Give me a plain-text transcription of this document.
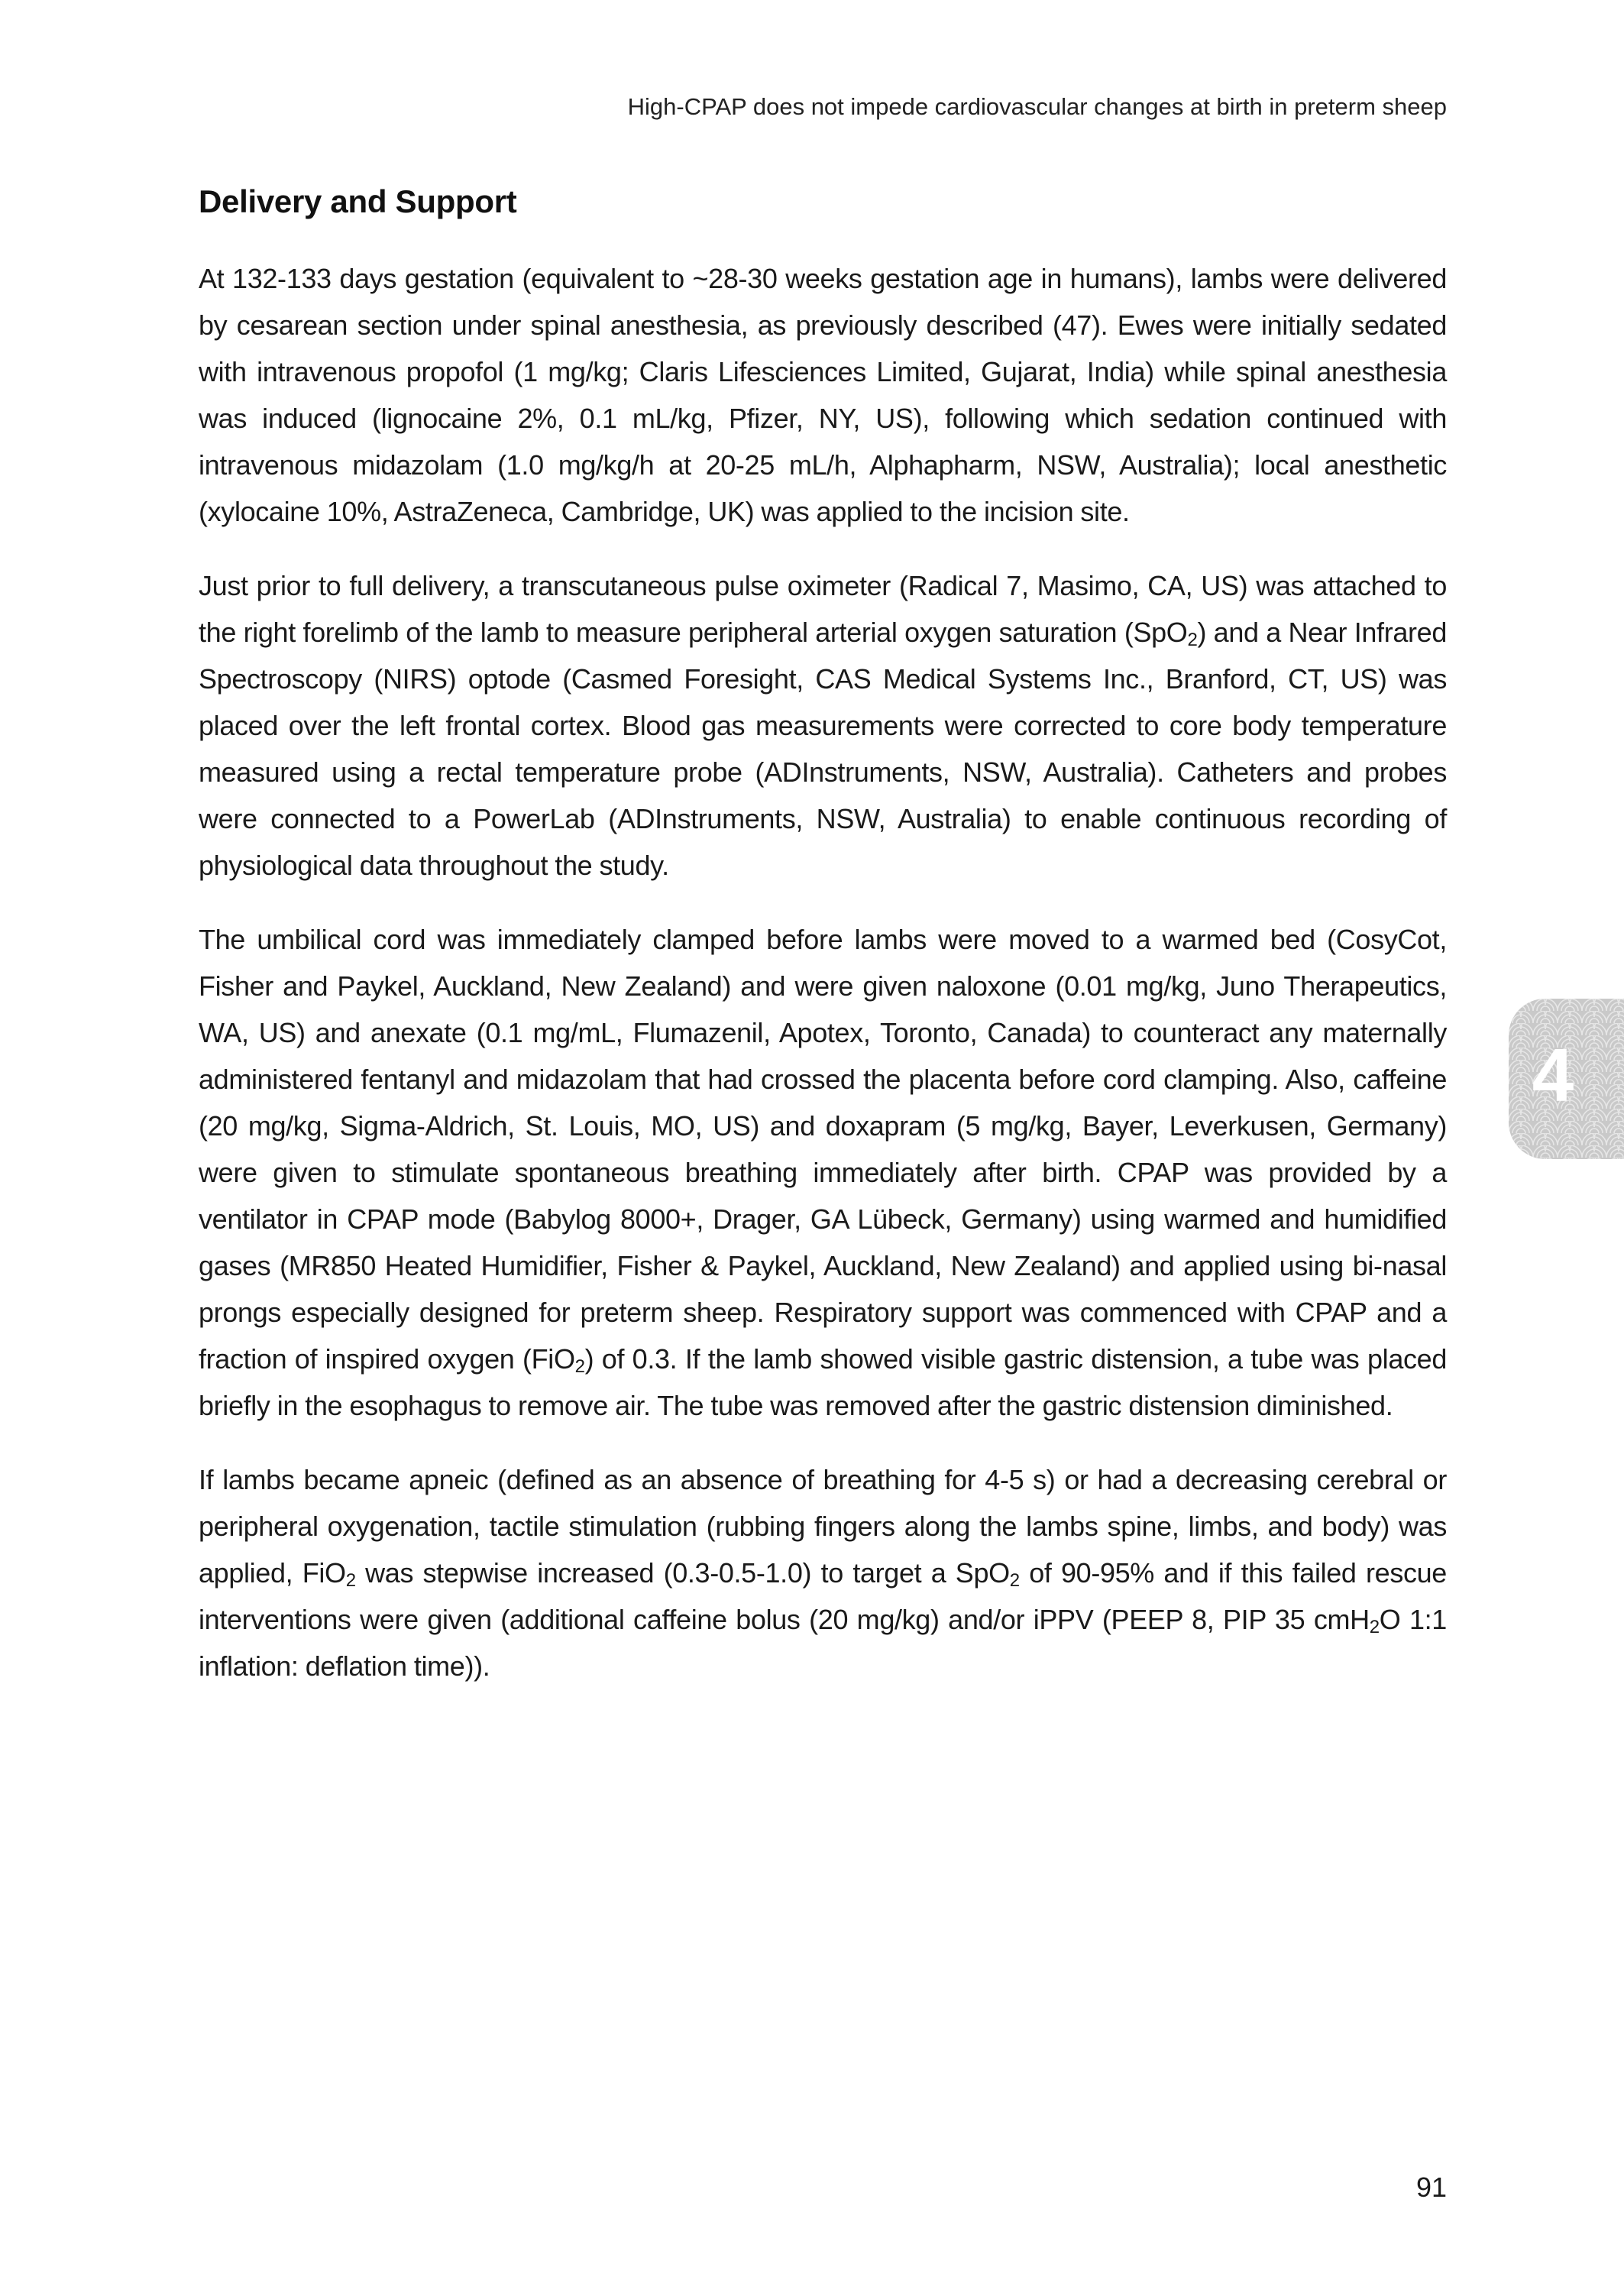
High-CPAP does not impede cardiovascular changes at birth in preterm sheep
Delivery and Support

At 132-133 days gestation (equivalent to ~28-30 weeks gestation age in humans), lambs were delivered by cesarean section under spinal anesthesia, as previously described (47). Ewes were initially sedated with intravenous propofol (1 mg/kg; Claris Lifesciences Limited, Gujarat, India) while spinal anesthesia was induced (lignocaine 2%, 0.1 mL/kg, Pfizer, NY, US), following which sedation continued with intravenous midazolam (1.0 mg/kg/h at 20-25 mL/h, Alphapharm, NSW, Australia); local anesthetic (xylocaine 10%, AstraZeneca, Cambridge, UK) was applied to the incision site.

Just prior to full delivery, a transcutaneous pulse oximeter (Radical 7, Masimo, CA, US) was attached to the right forelimb of the lamb to measure peripheral arterial oxygen saturation (SpO$_2$) and a Near Infrared Spectroscopy (NIRS) optode (Casmed Foresight, CAS Medical Systems Inc., Branford, CT, US) was placed over the left frontal cortex. Blood gas measurements were corrected to core body temperature measured using a rectal temperature probe (ADInstruments, NSW, Australia). Catheters and probes were connected to a PowerLab (ADInstruments, NSW, Australia) to enable continuous recording of physiological data throughout the study.

The umbilical cord was immediately clamped before lambs were moved to a warmed bed (CosyCot, Fisher and Paykel, Auckland, New Zealand) and were given naloxone (0.01 mg/kg, Juno Therapeutics, WA, US) and anexate (0.1 mg/mL, Flumazenil, Apotex, Toronto, Canada) to counteract any maternally administered fentanyl and midazolam that had crossed the placenta before cord clamping. Also, caffeine (20 mg/kg, Sigma-Aldrich, St. Louis, MO, US) and doxapram (5 mg/kg, Bayer, Leverkusen, Germany) were given to stimulate spontaneous breathing immediately after birth. CPAP was provided by a ventilator in CPAP mode (Babylog 8000+, Drager, GA Lübeck, Germany) using warmed and humidified gases (MR850 Heated Humidifier, Fisher & Paykel, Auckland, New Zealand) and applied using bi-nasal prongs especially designed for preterm sheep. Respiratory support was commenced with CPAP and a fraction of inspired oxygen (FiO$_2$) of 0.3. If the lamb showed visible gastric distension, a tube was placed briefly in the esophagus to remove air. The tube was removed after the gastric distension diminished.

If lambs became apneic (defined as an absence of breathing for 4-5 s) or had a decreasing cerebral or peripheral oxygenation, tactile stimulation (rubbing fingers along the lambs spine, limbs, and body) was applied, FiO$_2$ was stepwise increased (0.3-0.5-1.0) to target a SpO$_2$ of 90-95% and if this failed rescue interventions were given (additional caffeine bolus (20 mg/kg) and/or iPPV (PEEP 8, PIP 35 cmH$_2$O 1:1 inflation: deflation time)).

4
91
